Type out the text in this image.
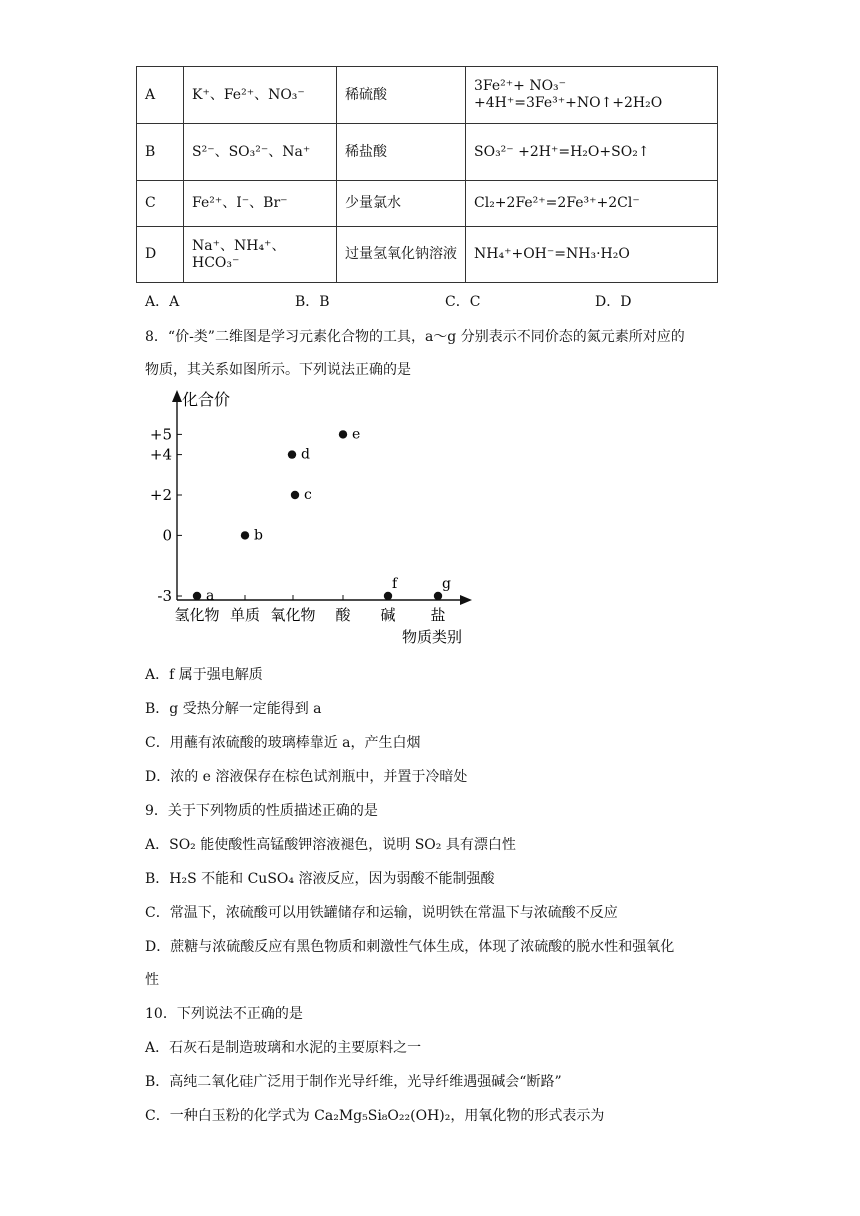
A	K⁺、Fe²⁺、NO₃⁻	稀硫酸	3Fe²⁺+ NO₃⁻ +4H⁺=3Fe³⁺+NO↑+2H₂O
B	S²⁻、SO₃²⁻、Na⁺	稀盐酸	SO₃²⁻ +2H⁺=H₂O+SO₂↑
C	Fe²⁺、I⁻、Br⁻	少量氯水	Cl₂+2Fe²⁺=2Fe³⁺+2Cl⁻
D	Na⁺、NH₄⁺、HCO₃⁻	过量氢氧化钠溶液	NH₄⁺+OH⁻=NH₃·H₂O
A．A	B．B	C．C	D．D
8．“价-类”二维图是学习元素化合物的工具，a～g 分别表示不同价态的氮元素所对应的
物质，其关系如图所示。下列说法正确的是
化合价
物质类别
+5
+4
+2
0
-3
氢化物 单质 氧化物 酸 碱 盐
a
b
c
d
e
f	g
A．f 属于强电解质
B．g 受热分解一定能得到 a
C．用蘸有浓硫酸的玻璃棒靠近 a，产生白烟
D．浓的 e 溶液保存在棕色试剂瓶中，并置于冷暗处
9．关于下列物质的性质描述正确的是
A．SO₂ 能使酸性高锰酸钾溶液褪色，说明 SO₂ 具有漂白性
B．H₂S 不能和 CuSO₄ 溶液反应，因为弱酸不能制强酸
C．常温下，浓硫酸可以用铁罐储存和运输，说明铁在常温下与浓硫酸不反应
D．蔗糖与浓硫酸反应有黑色物质和刺激性气体生成，体现了浓硫酸的脱水性和强氧化
性
10．下列说法不正确的是
A．石灰石是制造玻璃和水泥的主要原料之一
B．高纯二氧化硅广泛用于制作光导纤维，光导纤维遇强碱会“断路”
C．一种白玉粉的化学式为 Ca₂Mg₅Si₈O₂₂(OH)₂，用氧化物的形式表示为
